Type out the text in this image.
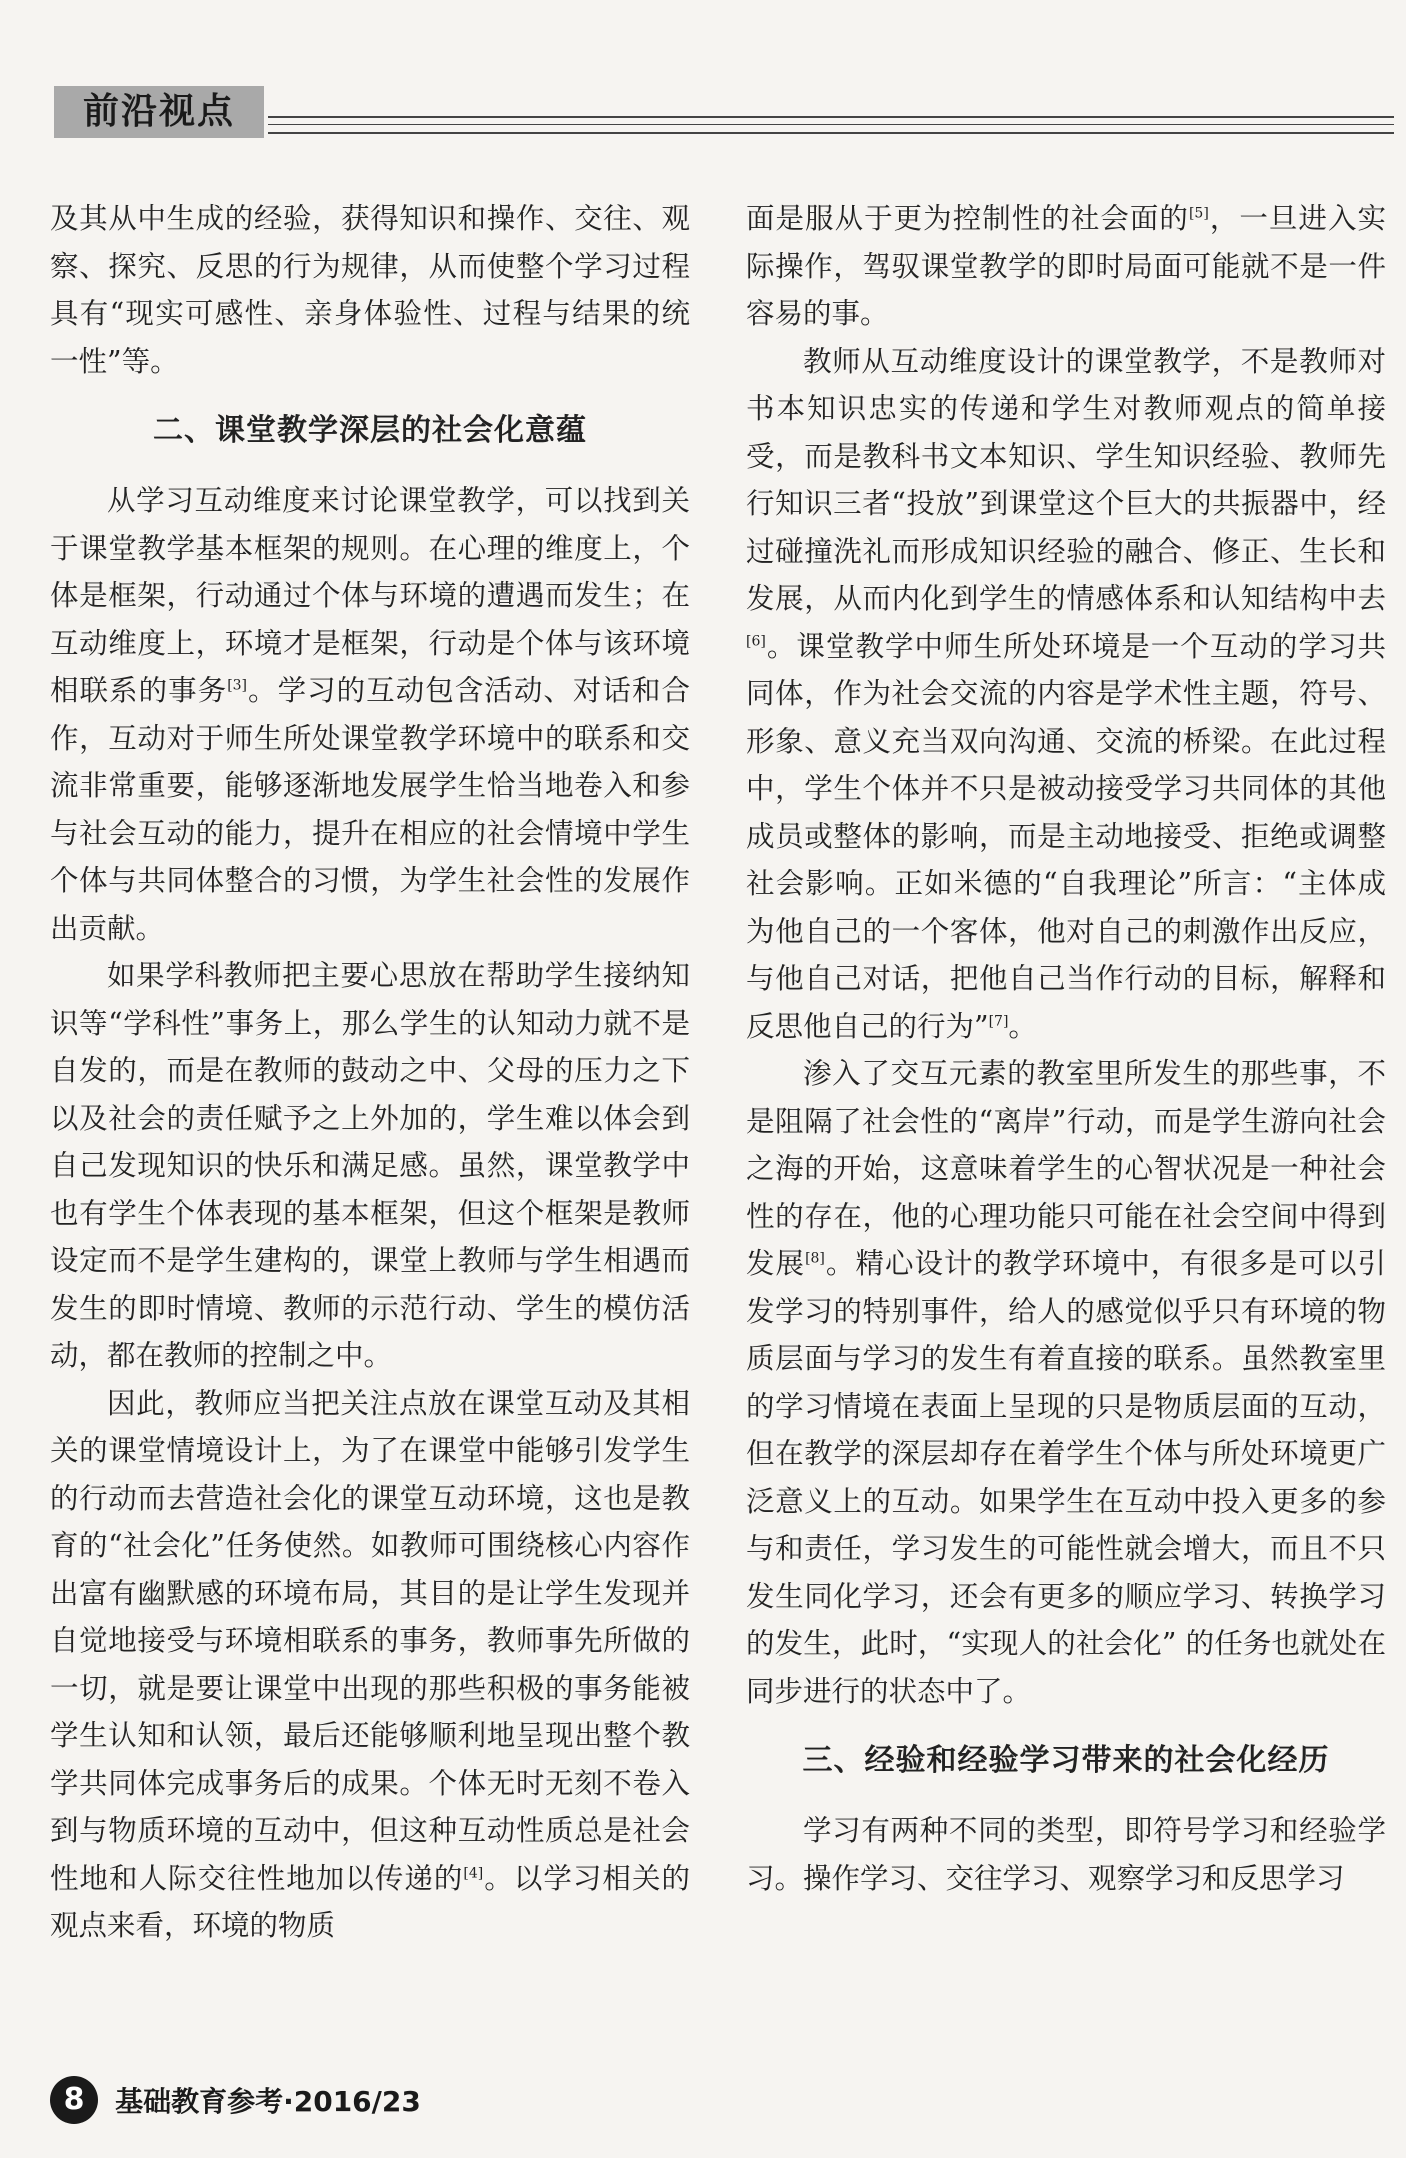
前沿视点

及其从中生成的经验，获得知识和操作、交往、观察、探究、反思的行为规律，从而使整个学习过程具有“现实可感性、亲身体验性、过程与结果的统一性”等。

二、课堂教学深层的社会化意蕴

从学习互动维度来讨论课堂教学，可以找到关于课堂教学基本框架的规则。在心理的维度上，个体是框架，行动通过个体与环境的遭遇而发生；在互动维度上，环境才是框架，行动是个体与该环境相联系的事务[3]。学习的互动包含活动、对话和合作，互动对于师生所处课堂教学环境中的联系和交流非常重要，能够逐渐地发展学生恰当地卷入和参与社会互动的能力，提升在相应的社会情境中学生个体与共同体整合的习惯，为学生社会性的发展作出贡献。

如果学科教师把主要心思放在帮助学生接纳知识等“学科性”事务上，那么学生的认知动力就不是自发的，而是在教师的鼓动之中、父母的压力之下以及社会的责任赋予之上外加的，学生难以体会到自己发现知识的快乐和满足感。虽然，课堂教学中也有学生个体表现的基本框架，但这个框架是教师设定而不是学生建构的，课堂上教师与学生相遇而发生的即时情境、教师的示范行动、学生的模仿活动，都在教师的控制之中。

因此，教师应当把关注点放在课堂互动及其相关的课堂情境设计上，为了在课堂中能够引发学生的行动而去营造社会化的课堂互动环境，这也是教育的“社会化”任务使然。如教师可围绕核心内容作出富有幽默感的环境布局，其目的是让学生发现并自觉地接受与环境相联系的事务，教师事先所做的一切，就是要让课堂中出现的那些积极的事务能被学生认知和认领，最后还能够顺利地呈现出整个教学共同体完成事务后的成果。个体无时无刻不卷入到与物质环境的互动中，但这种互动性质总是社会性地和人际交往性地加以传递的[4]。以学习相关的观点来看，环境的物质

面是服从于更为控制性的社会面的[5]，一旦进入实际操作，驾驭课堂教学的即时局面可能就不是一件容易的事。

教师从互动维度设计的课堂教学，不是教师对书本知识忠实的传递和学生对教师观点的简单接受，而是教科书文本知识、学生知识经验、教师先行知识三者“投放”到课堂这个巨大的共振器中，经过碰撞洗礼而形成知识经验的融合、修正、生长和发展，从而内化到学生的情感体系和认知结构中去[6]。课堂教学中师生所处环境是一个互动的学习共同体，作为社会交流的内容是学术性主题，符号、形象、意义充当双向沟通、交流的桥梁。在此过程中，学生个体并不只是被动接受学习共同体的其他成员或整体的影响，而是主动地接受、拒绝或调整社会影响。正如米德的“自我理论”所言：“主体成为他自己的一个客体，他对自己的刺激作出反应，与他自己对话，把他自己当作行动的目标，解释和反思他自己的行为”[7]。

渗入了交互元素的教室里所发生的那些事，不是阻隔了社会性的“离岸”行动，而是学生游向社会之海的开始，这意味着学生的心智状况是一种社会性的存在，他的心理功能只可能在社会空间中得到发展[8]。精心设计的教学环境中，有很多是可以引发学习的特别事件，给人的感觉似乎只有环境的物质层面与学习的发生有着直接的联系。虽然教室里的学习情境在表面上呈现的只是物质层面的互动，但在教学的深层却存在着学生个体与所处环境更广泛意义上的互动。如果学生在互动中投入更多的参与和责任，学习发生的可能性就会增大，而且不只发生同化学习，还会有更多的顺应学习、转换学习的发生，此时，“实现人的社会化” 的任务也就处在同步进行的状态中了。

三、经验和经验学习带来的社会化经历

学习有两种不同的类型，即符号学习和经验学习。操作学习、交往学习、观察学习和反思学习

8 基础教育参考·2016/23
